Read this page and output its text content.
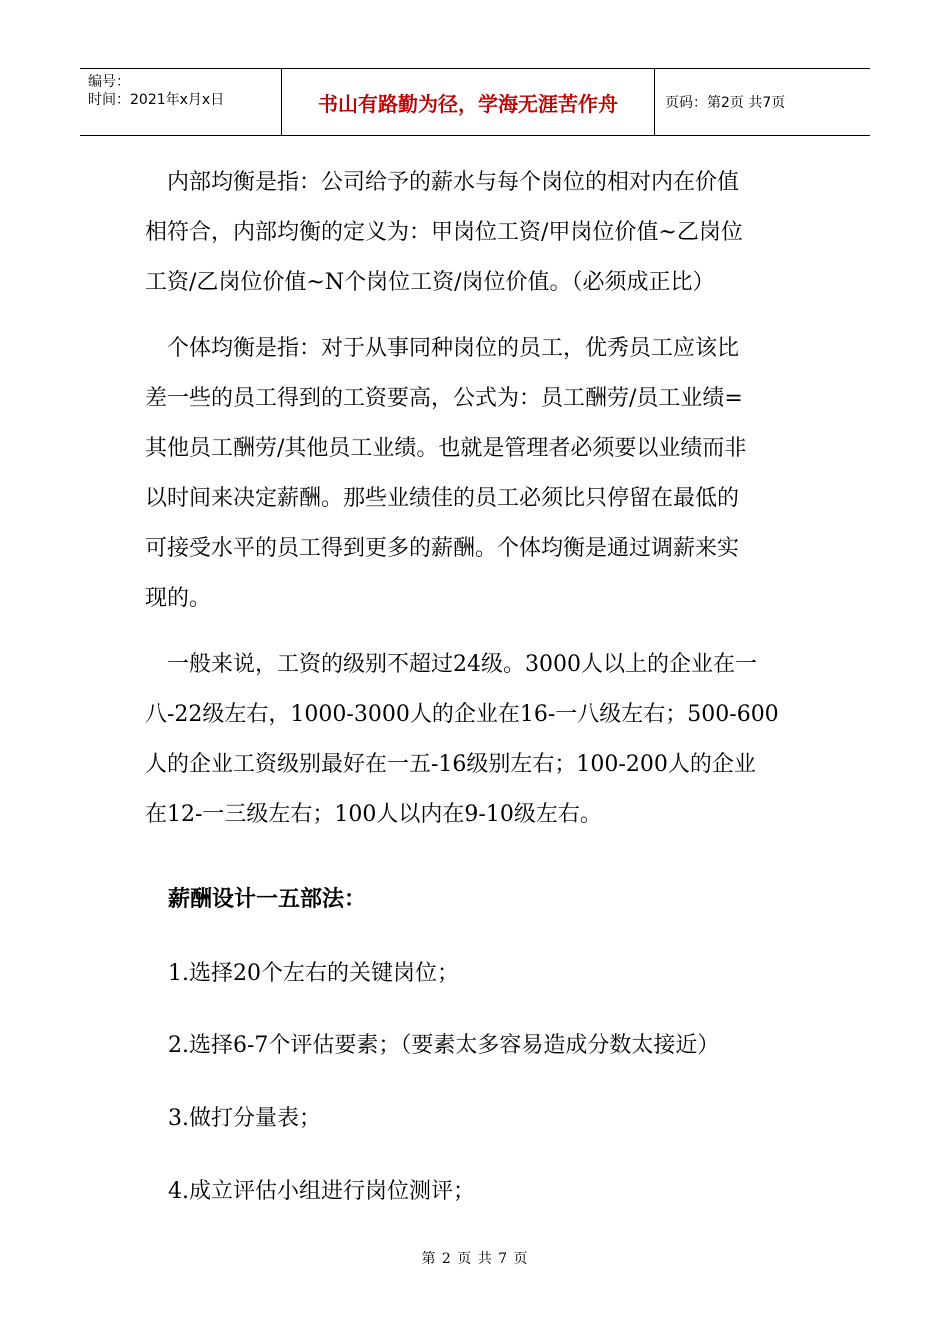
编号：
时间：2021年x月x日	书山有路勤为径，学海无涯苦作舟	页码：第2页 共7页
内部均衡是指：公司给予的薪水与每个岗位的相对内在价值
相符合，内部均衡的定义为：甲岗位工资/甲岗位价值~乙岗位
工资/乙岗位价值~N个岗位工资/岗位价值。（必须成正比）
个体均衡是指：对于从事同种岗位的员工，优秀员工应该比
差一些的员工得到的工资要高，公式为：员工酬劳/员工业绩=
其他员工酬劳/其他员工业绩。也就是管理者必须要以业绩而非
以时间来决定薪酬。那些业绩佳的员工必须比只停留在最低的
可接受水平的员工得到更多的薪酬。个体均衡是通过调薪来实
现的。
一般来说，工资的级别不超过24级。3000人以上的企业在一
八-22级左右，1000-3000人的企业在16-一八级左右；500-600
人的企业工资级别最好在一五-16级别左右；100-200人的企业
在12-一三级左右；100人以内在9-10级左右。
薪酬设计一五部法：
1.选择20个左右的关键岗位；
2.选择6-7个评估要素；（要素太多容易造成分数太接近）
3.做打分量表；
4.成立评估小组进行岗位测评；
第 2 页 共 7 页
